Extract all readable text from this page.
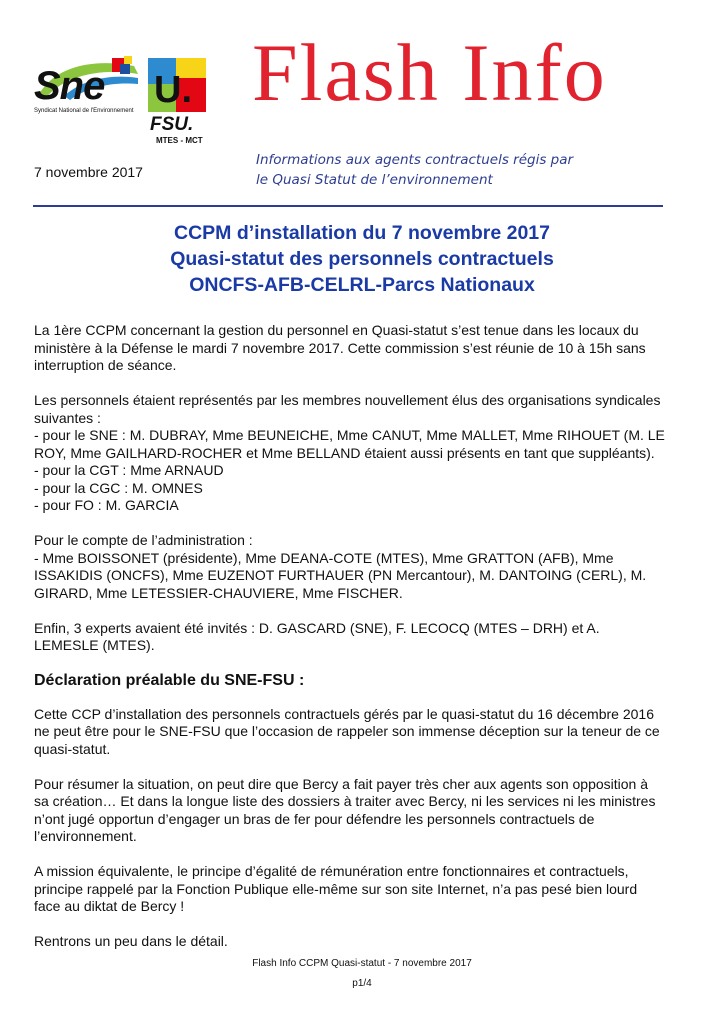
Sne
Syndicat National de l'Environnement U.
FSU.
MTES - MCT
Flash Info
Informations aux agents contractuels régis par
le Quasi Statut de l’environnement
7 novembre 2017
CCPM d’installation du 7 novembre 2017
Quasi-statut des personnels contractuels
ONCFS-AFB-CELRL-Parcs Nationaux

La 1ère CCPM concernant la gestion du personnel en Quasi-statut s’est tenue dans les locaux du ministère à la Défense le mardi 7 novembre 2017. Cette commission s’est réunie de 10 à 15h sans interruption de séance.

Les personnels étaient représentés par les membres nouvellement élus des organisations syndicales suivantes :

- pour le SNE : M. DUBRAY, Mme BEUNEICHE, Mme CANUT, Mme MALLET, Mme RIHOUET (M. LE ROY, Mme GAILHARD-ROCHER et Mme BELLAND étaient aussi présents en tant que suppléants).

- pour la CGT : Mme ARNAUD

- pour la CGC : M. OMNES

- pour FO : M. GARCIA

Pour le compte de l’administration :

- Mme BOISSONET (présidente), Mme DEANA-COTE (MTES), Mme GRATTON (AFB), Mme ISSAKIDIS (ONCFS), Mme EUZENOT FURTHAUER (PN Mercantour), M. DANTOING (CERL), M. GIRARD, Mme LETESSIER-CHAUVIERE, Mme FISCHER.

Enfin, 3 experts avaient été invités : D. GASCARD (SNE), F. LECOCQ (MTES – DRH) et A. LEMESLE (MTES).

Déclaration préalable du SNE-FSU :

Cette CCP d’installation des personnels contractuels gérés par le quasi-statut du 16 décembre 2016 ne peut être pour le SNE-FSU que l’occasion de rappeler son immense déception sur la teneur de ce quasi-statut.

Pour résumer la situation, on peut dire que Bercy a fait payer très cher aux agents son opposition à sa création… Et dans la longue liste des dossiers à traiter avec Bercy, ni les services ni les ministres n’ont jugé opportun d’engager un bras de fer pour défendre les personnels contractuels de l’environnement.

A mission équivalente, le principe d’égalité de rémunération entre fonctionnaires et contractuels, principe rappelé par la Fonction Publique elle-même sur son site Internet, n’a pas pesé bien lourd face au diktat de Bercy !

Rentrons un peu dans le détail.

Flash Info CCPM Quasi-statut - 7 novembre 2017
p1/4
